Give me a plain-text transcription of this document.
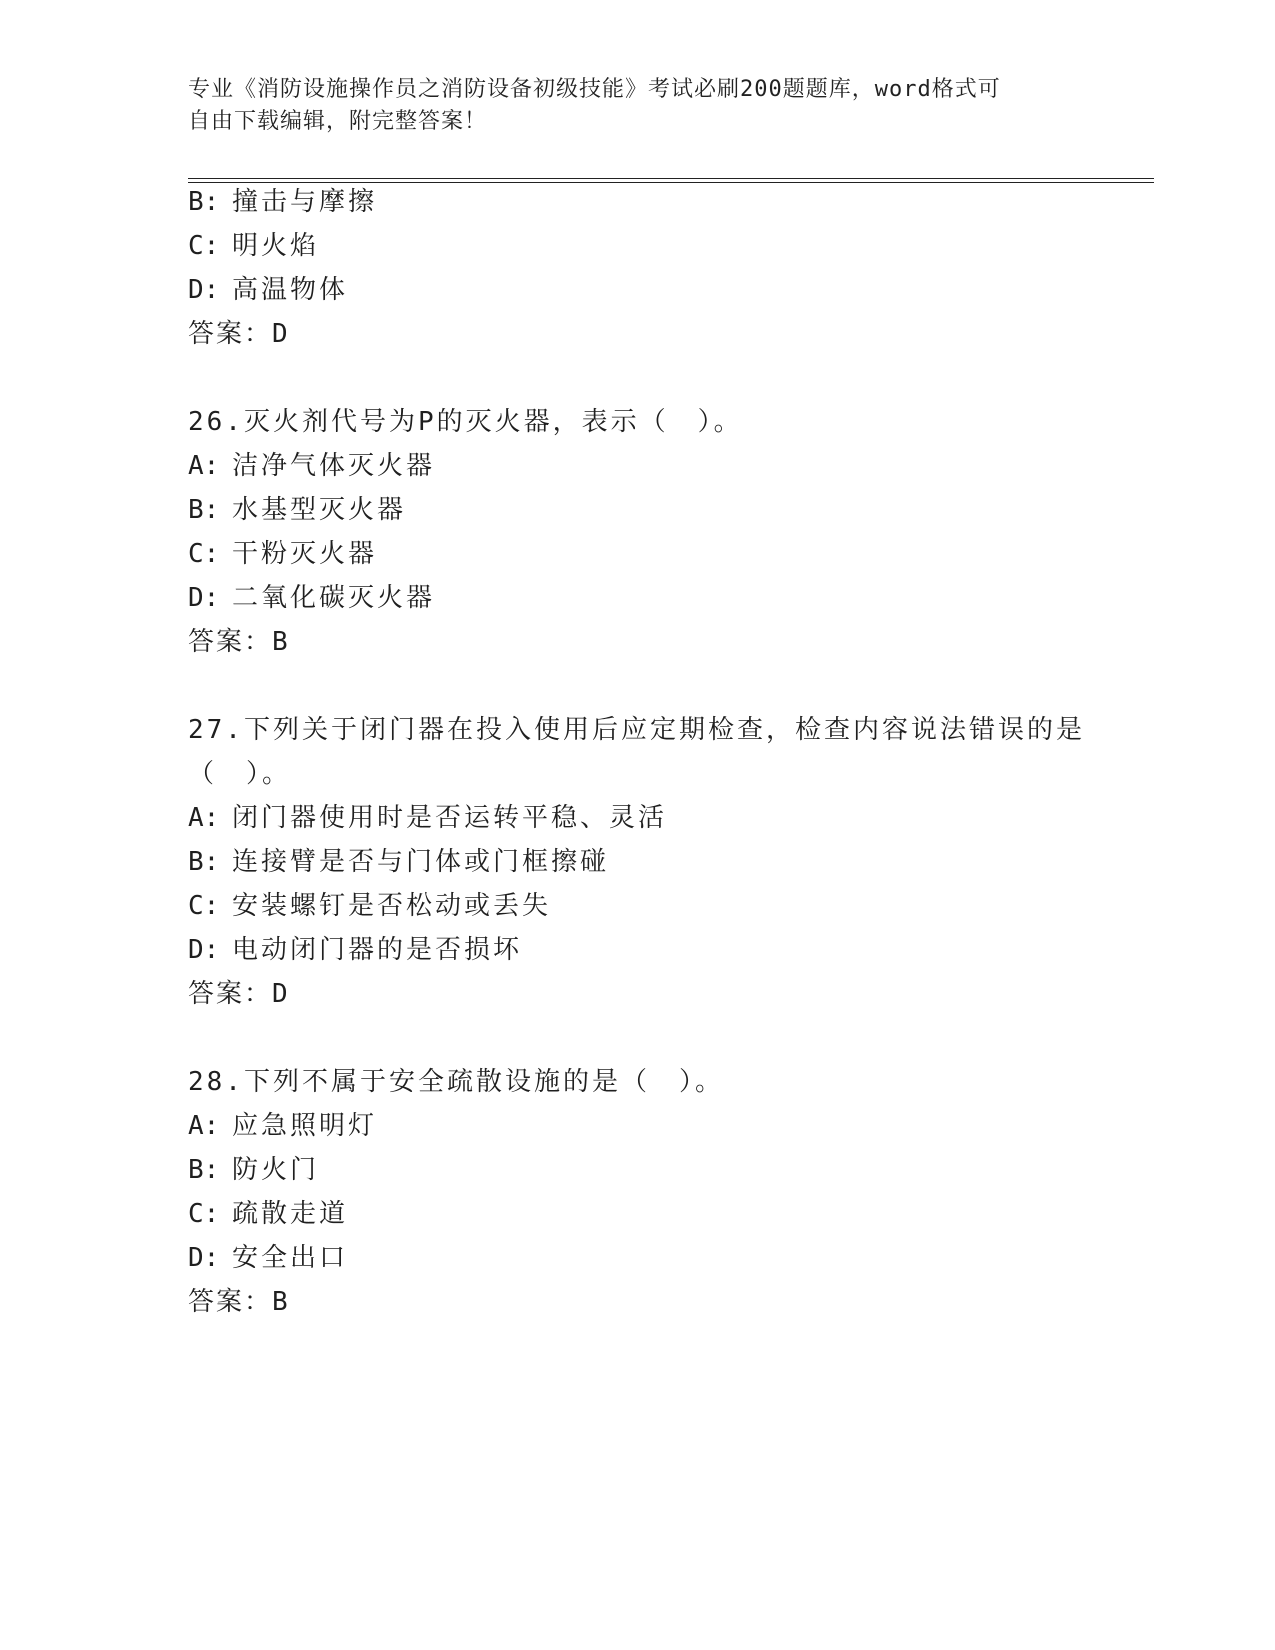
专业《消防设施操作员之消防设备初级技能》考试必刷200题题库，word格式可
自由下载编辑，附完整答案！
B: 撞击与摩擦
C: 明火焰
D: 高温物体
答案：D
26.灭火剂代号为P的灭火器，表示（　）。
A: 洁净气体灭火器
B: 水基型灭火器
C: 干粉灭火器
D: 二氧化碳灭火器
答案：B
27.下列关于闭门器在投入使用后应定期检查，检查内容说法错误的是
（　）。
A: 闭门器使用时是否运转平稳、灵活
B: 连接臂是否与门体或门框擦碰
C: 安装螺钉是否松动或丢失
D: 电动闭门器的是否损坏
答案：D
28.下列不属于安全疏散设施的是（　）。
A: 应急照明灯
B: 防火门
C: 疏散走道
D: 安全出口
答案：B
